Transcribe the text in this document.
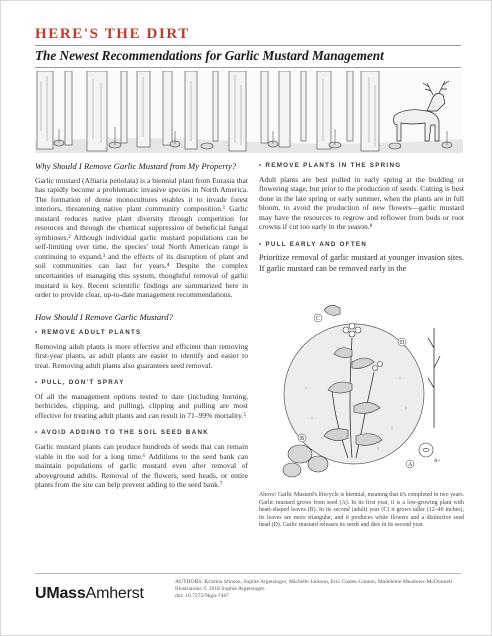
HERE'S THE DIRT
The Newest Recommendations for Garlic Mustard Management
Why Should I Remove Garlic Mustard from My Property?

Garlic mustard (Alliaria petiolata) is a biennial plant from Eurasia that has rapidly become a problematic invasive species in North America. The formation of dense monocultures enables it to invade forest interiors, threatening native plant community composition.¹ Garlic mustard reduces native plant diversity through competition for resources and through the chemical suppression of beneficial fungal symbioses.² Although individual garlic mustard populations can be self-limiting over time, the species' total North American range is continuing to expand,³ and the effects of its disruption of plant and soil communities can last for years.⁴ Despite the complex uncertainties of managing this system, thoughtful removal of garlic mustard is key. Recent scientific findings are summarized here in order to provide clear, up-to-date management recommendations.

How Should I Remove Garlic Mustard?
• REMOVE ADULT PLANTS

Removing adult plants is more effective and efficient than removing first-year plants, as adult plants are easier to identify and easier to treat. Removing adult plants also guarantees seed removal.

• PULL, DON'T SPRAY

Of all the management options tested to date (including burning, herbicides, clipping, and pulling), clipping and pulling are most effective for treating adult plants and can result in 71–99% mortality.⁵

• AVOID ADDING TO THE SOIL SEED BANK

Garlic mustard plants can produce hundreds of seeds that can remain viable in the soil for a long time.⁶ Additions to the seed bank can maintain populations of garlic mustard even after removal of aboveground adults. Removal of the flowers, seed heads, or entire plants from the site can help prevent adding to the seed bank.⁷

• REMOVE PLANTS IN THE SPRING

Adult plants are best pulled in early spring at the budding or flowering stage, but prior to the production of seeds. Cutting is best done in the late spring or early summer, when the plants are in full bloom, to avoid the production of new flowers—garlic mustard may have the resources to regrow and reflower from buds or root crowns if cut too early in the season.⁸

• PULL EARLY AND OFTEN

Prioritize removal of garlic mustard at younger invasion sites. If garlic mustard can be removed early in the

C
B
D
A
A+
Above: Garlic Mustard's lifecycle is biennial, meaning that it's completed in two years. Garlic mustard grows from seed (A). In its first year, it is a low-growing plant with heart-shaped leaves (B). In its second (adult) year (C) it grows taller (12–40 inches), its leaves are more triangular, and it produces white flowers and a distinctive seed head (D). Garlic mustard releases its seeds and dies in its second year.
UMassAmherst
AUTHORS: Kristina Stinson, Sophie Argetsinger, Michelle Jackson, Eric Coates-Connor, Madeleine Meadows-McDonnell. Illustrations © 2018 Sophie Argetsinger.
doi: 10.7275/9kgn-7467
